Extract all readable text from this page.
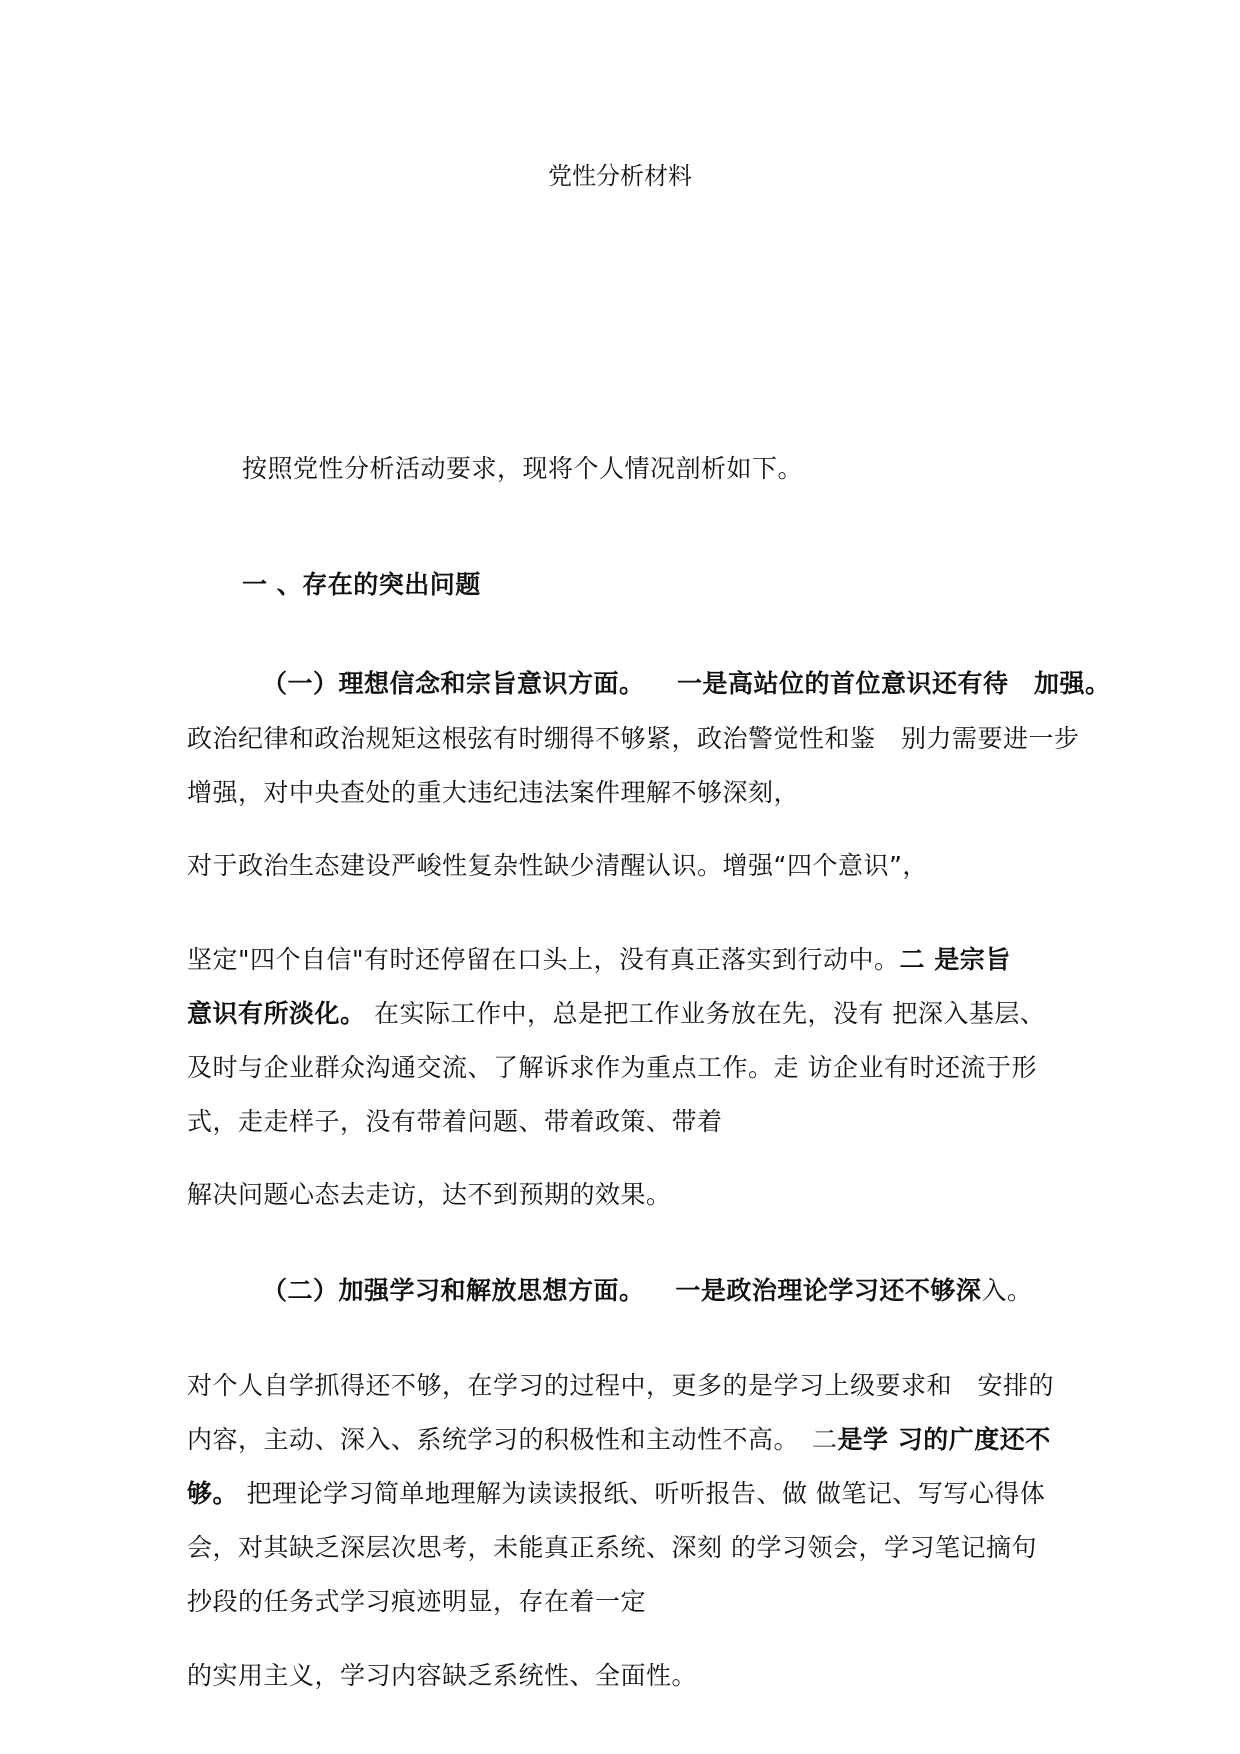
党性分析材料
按照党性分析活动要求，现将个人情况剖析如下。
一 、存在的突出问题
（一）理想信念和宗旨意识方面。 一是高站位的首位意识还有待　加强。
政治纪律和政治规矩这根弦有时绷得不够紧，政治警觉性和鉴　别力需要进一步
增强，对中央查处的重大违纪违法案件理解不够深刻，
对于政治生态建设严峻性复杂性缺少清醒认识。增强“四个意识”，
坚定"四个自信"有时还停留在口头上，没有真正落实到行动中。二 是宗旨
意识有所淡化。 在实际工作中，总是把工作业务放在先，没有 把深入基层、
及时与企业群众沟通交流、了解诉求作为重点工作。走 访企业有时还流于形
式，走走样子，没有带着问题、带着政策、带着
解决问题心态去走访，达不到预期的效果。
（二）加强学习和解放思想方面。 一是政治理论学习还不够深入。
对个人自学抓得还不够，在学习的过程中，更多的是学习上级要求和　安排的
内容，主动、深入、系统学习的积极性和主动性不高。　二是学 习的广度还不
够。 把理论学习简单地理解为读读报纸、听听报告、做 做笔记、写写心得体
会，对其缺乏深层次思考，未能真正系统、深刻 的学习领会，学习笔记摘句
抄段的任务式学习痕迹明显，存在着一定
的实用主义，学习内容缺乏系统性、全面性。
